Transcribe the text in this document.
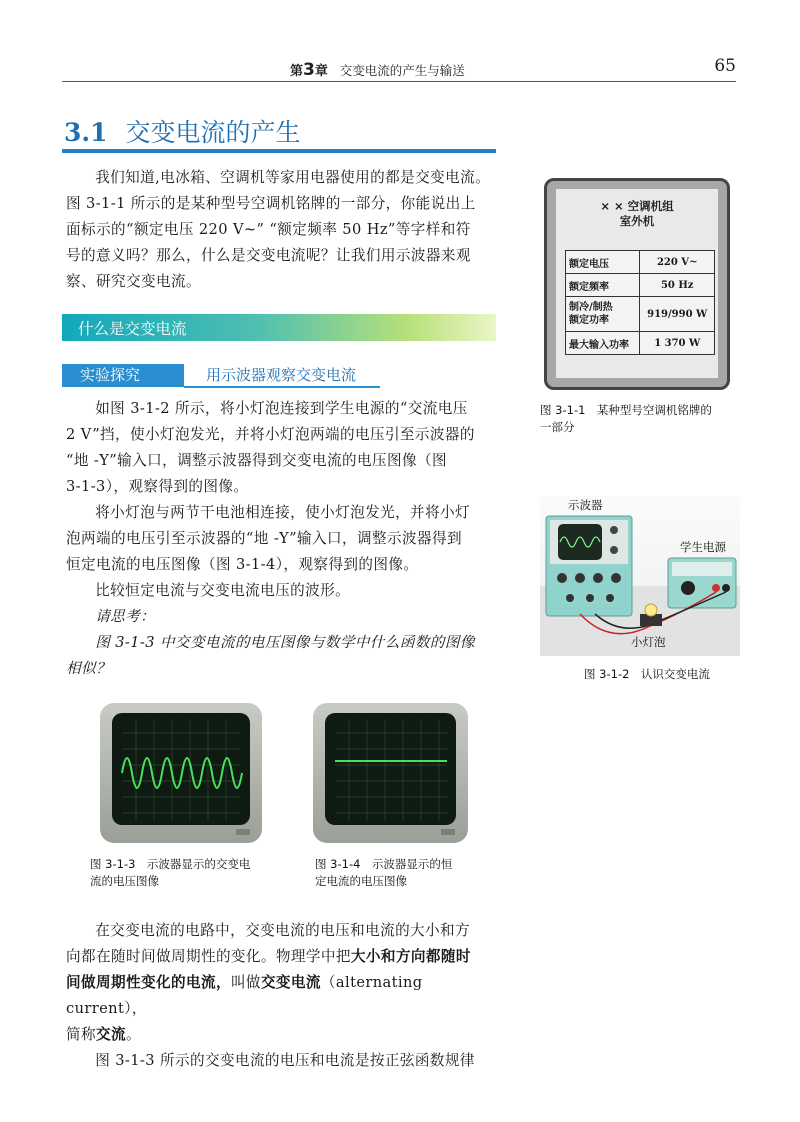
第3章 交变电流的产生与输送	65
3.1 交变电流的产生

我们知道,电冰箱、空调机等家用电器使用的都是交变电流。

图 3-1-1 所示的是某种型号空调机铭牌的一部分，你能说出上

面标示的“额定电压 220 V~” “额定频率 50 Hz”等字样和符

号的意义吗？那么，什么是交变电流呢？让我们用示波器来观

察、研究交变电流。

什么是交变电流
实验探究	用示波器观察交变电流

如图 3-1-2 所示，将小灯泡连接到学生电源的“交流电压

2 V”挡，使小灯泡发光，并将小灯泡两端的电压引至示波器的

“地 -Y”输入口，调整示波器得到交变电流的电压图像（图

3-1-3），观察得到的图像。

将小灯泡与两节干电池相连接，使小灯泡发光，并将小灯

泡两端的电压引至示波器的“地 -Y”输入口，调整示波器得到

恒定电流的电压图像（图 3-1-4），观察得到的图像。

比较恒定电流与交变电流电压的波形。

请思考：

图 3-1-3 中交变电流的电压图像与数学中什么函数的图像

相似？

× × 空调机组
室外机
额定电压	220 V~
额定频率	50 Hz

制冷/制热
额定功率	919/990 W
最大输入功率	1 370 W
图 3-1-1　某种型号空调机铭牌的
一部分
示波器
学生电源
小灯泡
图 3-1-2　认识交变电流
图 3-1-3　示波器显示的交变电
流的电压图像
图 3-1-4　示波器显示的恒
定电流的电压图像

在交变电流的电路中，交变电流的电压和电流的大小和方

向都在随时间做周期性的变化。物理学中把大小和方向都随时

间做周期性变化的电流，叫做交变电流（alternating current），

简称交流。

图 3-1-3 所示的交变电流的电压和电流是按正弦函数规律
